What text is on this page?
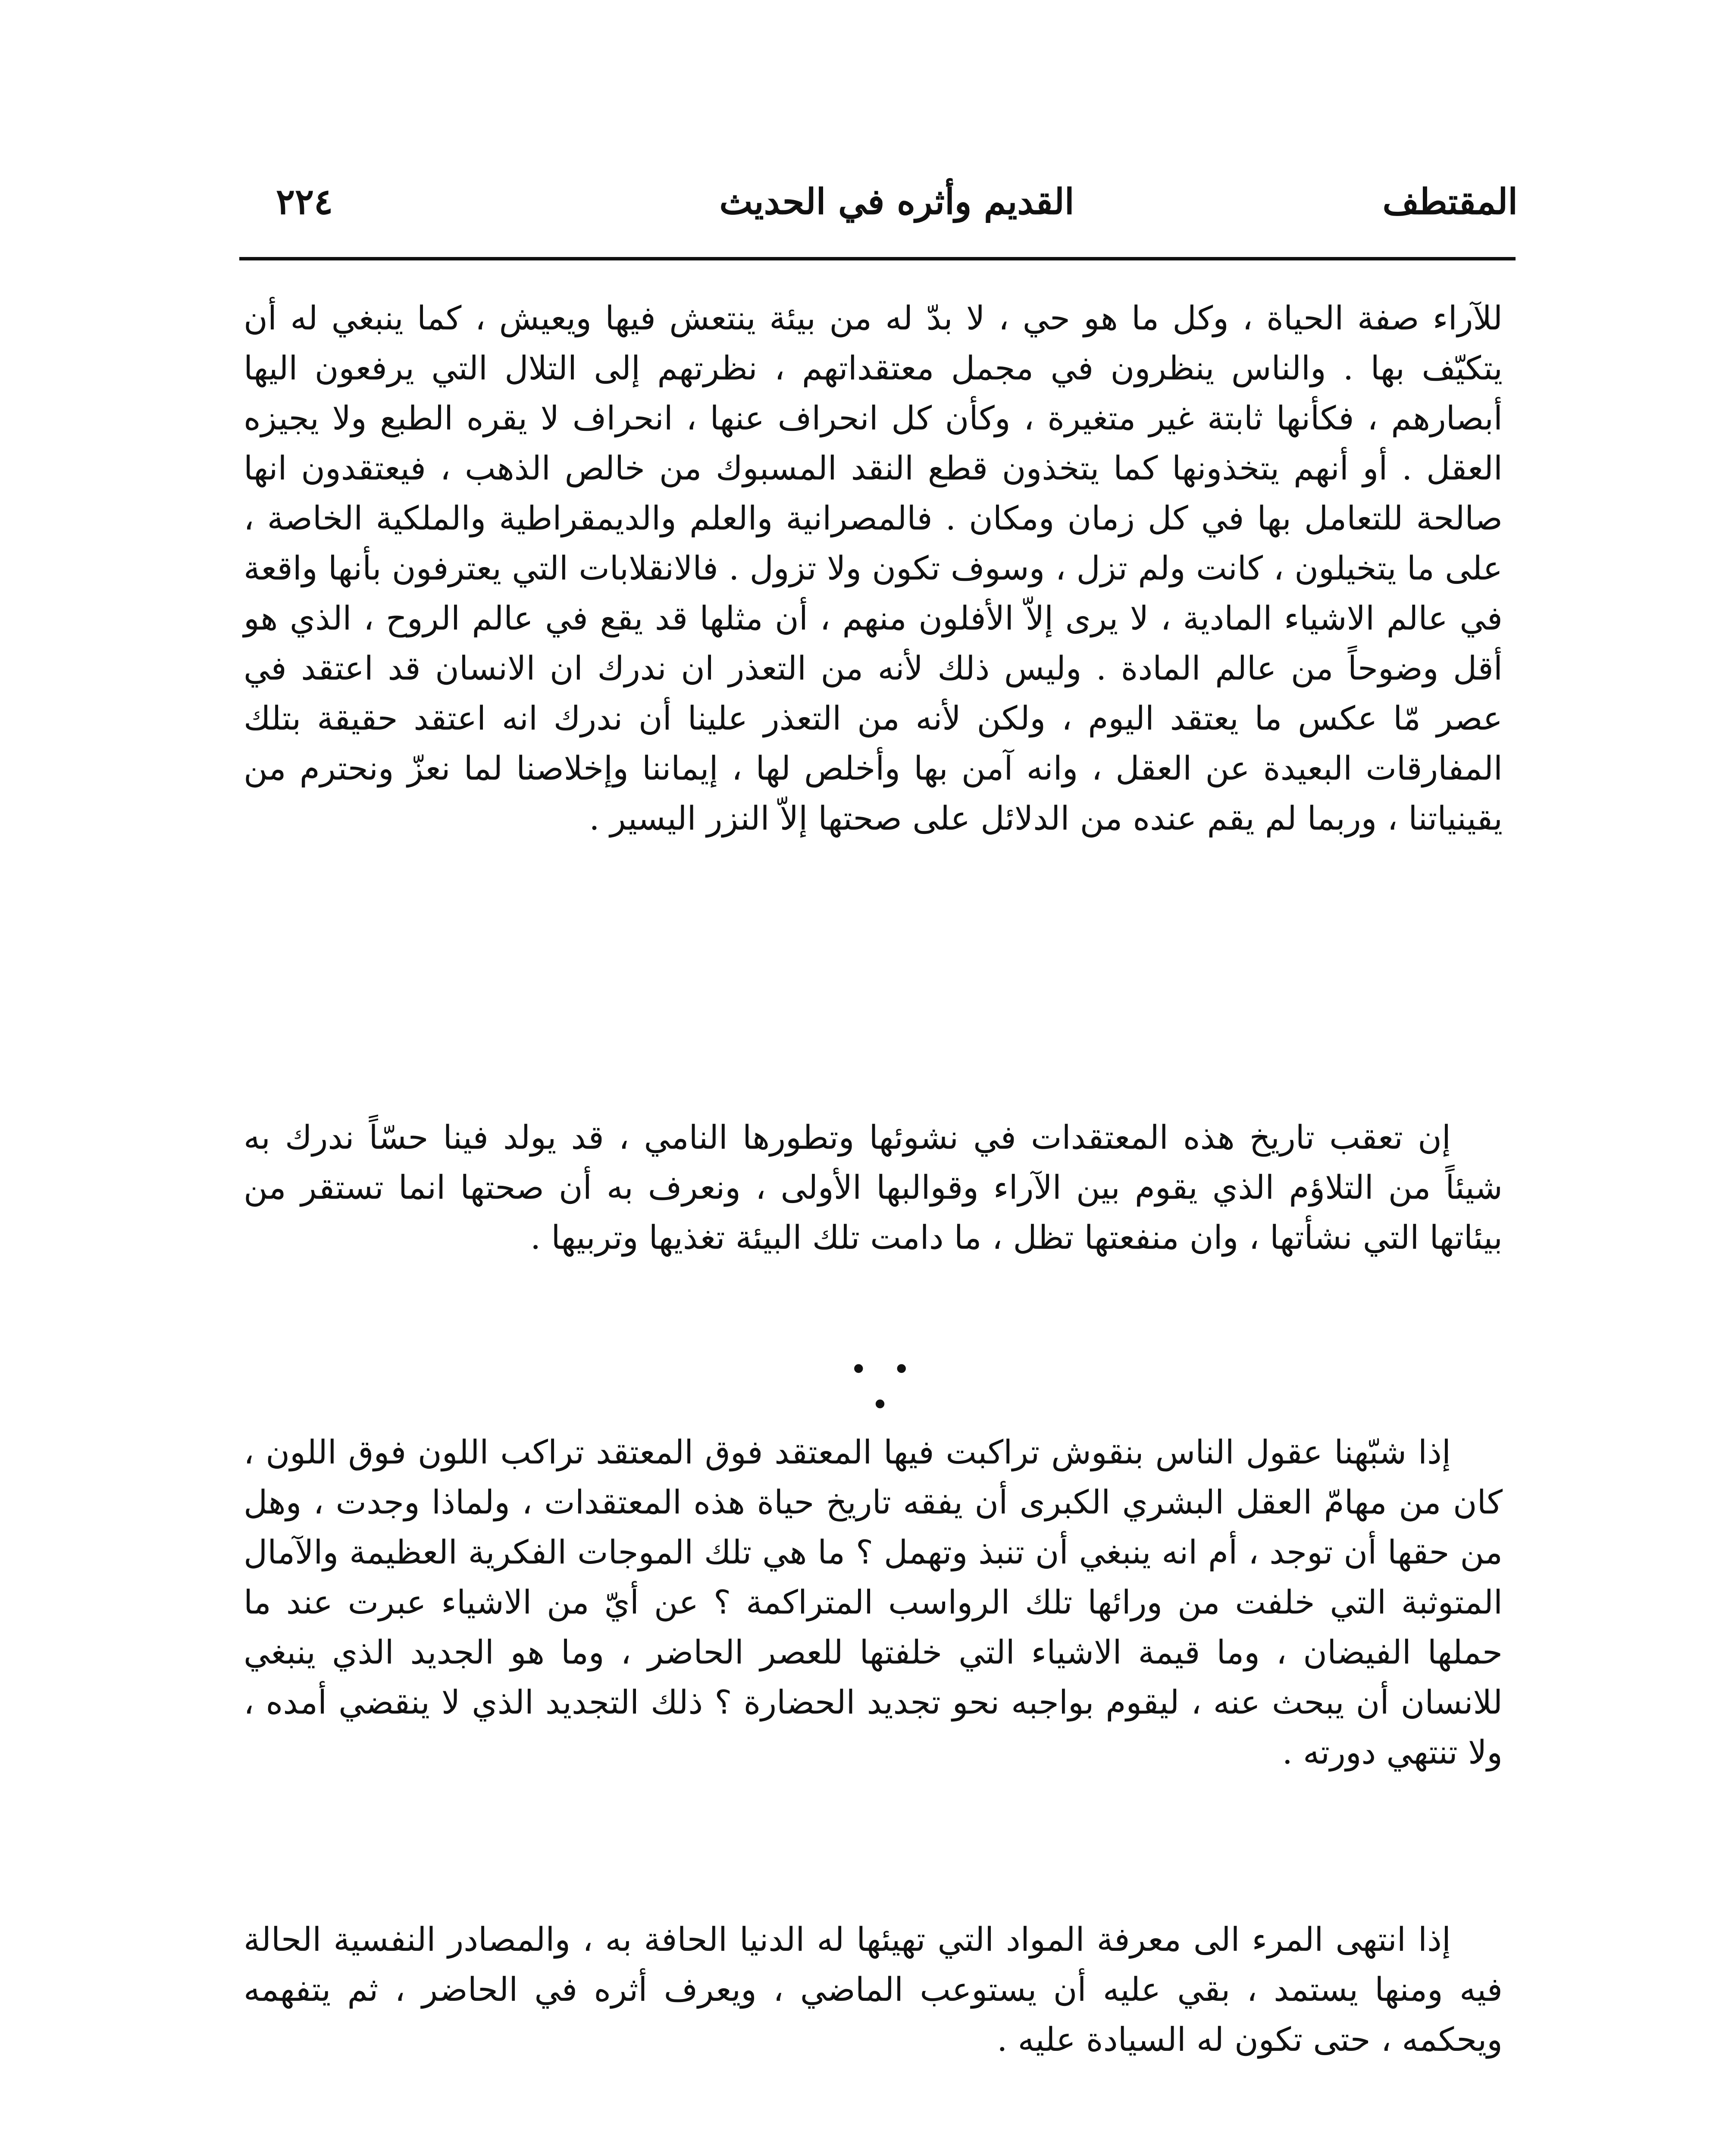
المقتطف
القديم وأثره في الحديث
٢٢٤

للآراء صفة الحياة ، وكل ما هو حي ، لا بدّ له من بيئة ينتعش فيها ويعيش ، كما ينبغي له أن يتكيّف بها . والناس ينظرون في مجمل معتقداتهم ، نظرتهم إلى التلال التي يرفعون اليها أبصارهم ، فكأنها ثابتة غير متغيرة ، وكأن كل انحراف عنها ، انحراف لا يقره الطبع ولا يجيزه العقل . أو أنهم يتخذونها كما يتخذون قطع النقد المسبوك من خالص الذهب ، فيعتقدون انها صالحة للتعامل بها في كل زمان ومكان . فالمصرانية والعلم والديمقراطية والملكية الخاصة ، على ما يتخيلون ، كانت ولم تزل ، وسوف تكون ولا تزول . فالانقلابات التي يعترفون بأنها واقعة في عالم الاشياء المادية ، لا يرى إلاّ الأفلون منهم ، أن مثلها قد يقع في عالم الروح ، الذي هو أقل وضوحاً من عالم المادة . وليس ذلك لأنه من التعذر ان ندرك ان الانسان قد اعتقد في عصر مّا عكس ما يعتقد اليوم ، ولكن لأنه من التعذر علينا أن ندرك انه اعتقد حقيقة بتلك المفارقات البعيدة عن العقل ، وانه آمن بها وأخلص لها ، إيماننا وإخلاصنا لما نعزّ ونحترم من يقينياتنا ، وربما لم يقم عنده من الدلائل على صحتها إلاّ النزر اليسير .

إن تعقب تاريخ هذه المعتقدات في نشوئها وتطورها النامي ، قد يولد فينا حسّاً ندرك به شيئاً من التلاؤم الذي يقوم بين الآراء وقوالبها الأولى ، ونعرف به أن صحتها انما تستقر من بيئاتها التي نشأتها ، وان منفعتها تظل ، ما دامت تلك البيئة تغذيها وتربيها .

• • •

إذا شبّهنا عقول الناس بنقوش تراكبت فيها المعتقد فوق المعتقد تراكب اللون فوق اللون ، كان من مهامّ العقل البشري الكبرى أن يفقه تاريخ حياة هذه المعتقدات ، ولماذا وجدت ، وهل من حقها أن توجد ، أم انه ينبغي أن تنبذ وتهمل ؟ ما هي تلك الموجات الفكرية العظيمة والآمال المتوثبة التي خلفت من ورائها تلك الرواسب المتراكمة ؟ عن أيّ من الاشياء عبرت عند ما حملها الفيضان ، وما قيمة الاشياء التي خلفتها للعصر الحاضر ، وما هو الجديد الذي ينبغي للانسان أن يبحث عنه ، ليقوم بواجبه نحو تجديد الحضارة ؟ ذلك التجديد الذي لا ينقضي أمده ، ولا تنتهي دورته .

إذا انتهى المرء الى معرفة المواد التي تهيئها له الدنيا الحافة به ، والمصادر النفسية الحالة فيه ومنها يستمد ، بقي عليه أن يستوعب الماضي ، ويعرف أثره في الحاضر ، ثم يتفهمه ويحكمه ، حتى تكون له السيادة عليه .
